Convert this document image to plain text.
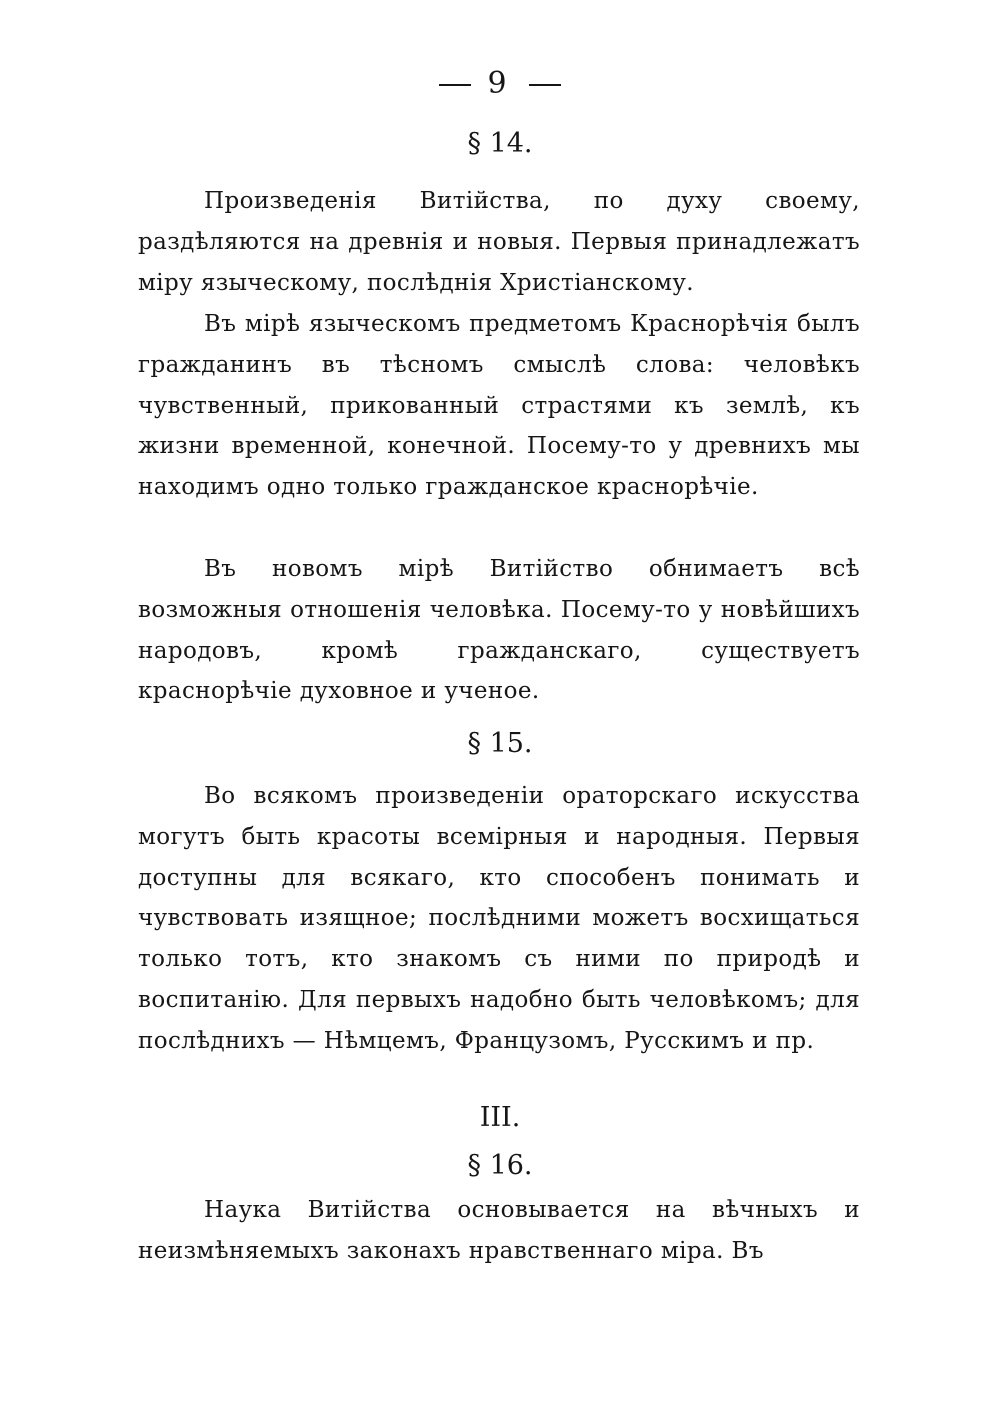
9
§ 14.

Произведенія Витійства, по духу своему, раздѣляются на древнія и новыя. Первыя принадлежатъ міру языческому, послѣднія Христіанскому.

Въ мірѣ языческомъ предметомъ Краснорѣчія былъ гражданинъ въ тѣсномъ смыслѣ слова: человѣкъ чувственный, прикованный страстями къ землѣ, къ жизни временной, конечной. Посему-то у древнихъ мы находимъ одно только гражданское краснорѣчіе.

Въ новомъ мірѣ Витійство обнимаетъ всѣ возможныя отношенія человѣка. Посему-то у новѣйшихъ народовъ, кромѣ гражданскаго, существуетъ краснорѣчіе духовное и ученое.

§ 15.

Во всякомъ произведеніи ораторскаго искусства могутъ быть красоты всемірныя и народныя. Первыя доступны для всякаго, кто способенъ понимать и чувствовать изящное; послѣдними можетъ восхищаться только тотъ, кто знакомъ съ ними по природѣ и воспитанію. Для первыхъ надобно быть человѣкомъ; для послѣднихъ — Нѣмцемъ, Французомъ, Русскимъ и пр.

III.
§ 16.

Наука Витійства основывается на вѣчныхъ и неизмѣняемыхъ законахъ нравственнаго міра. Въ
